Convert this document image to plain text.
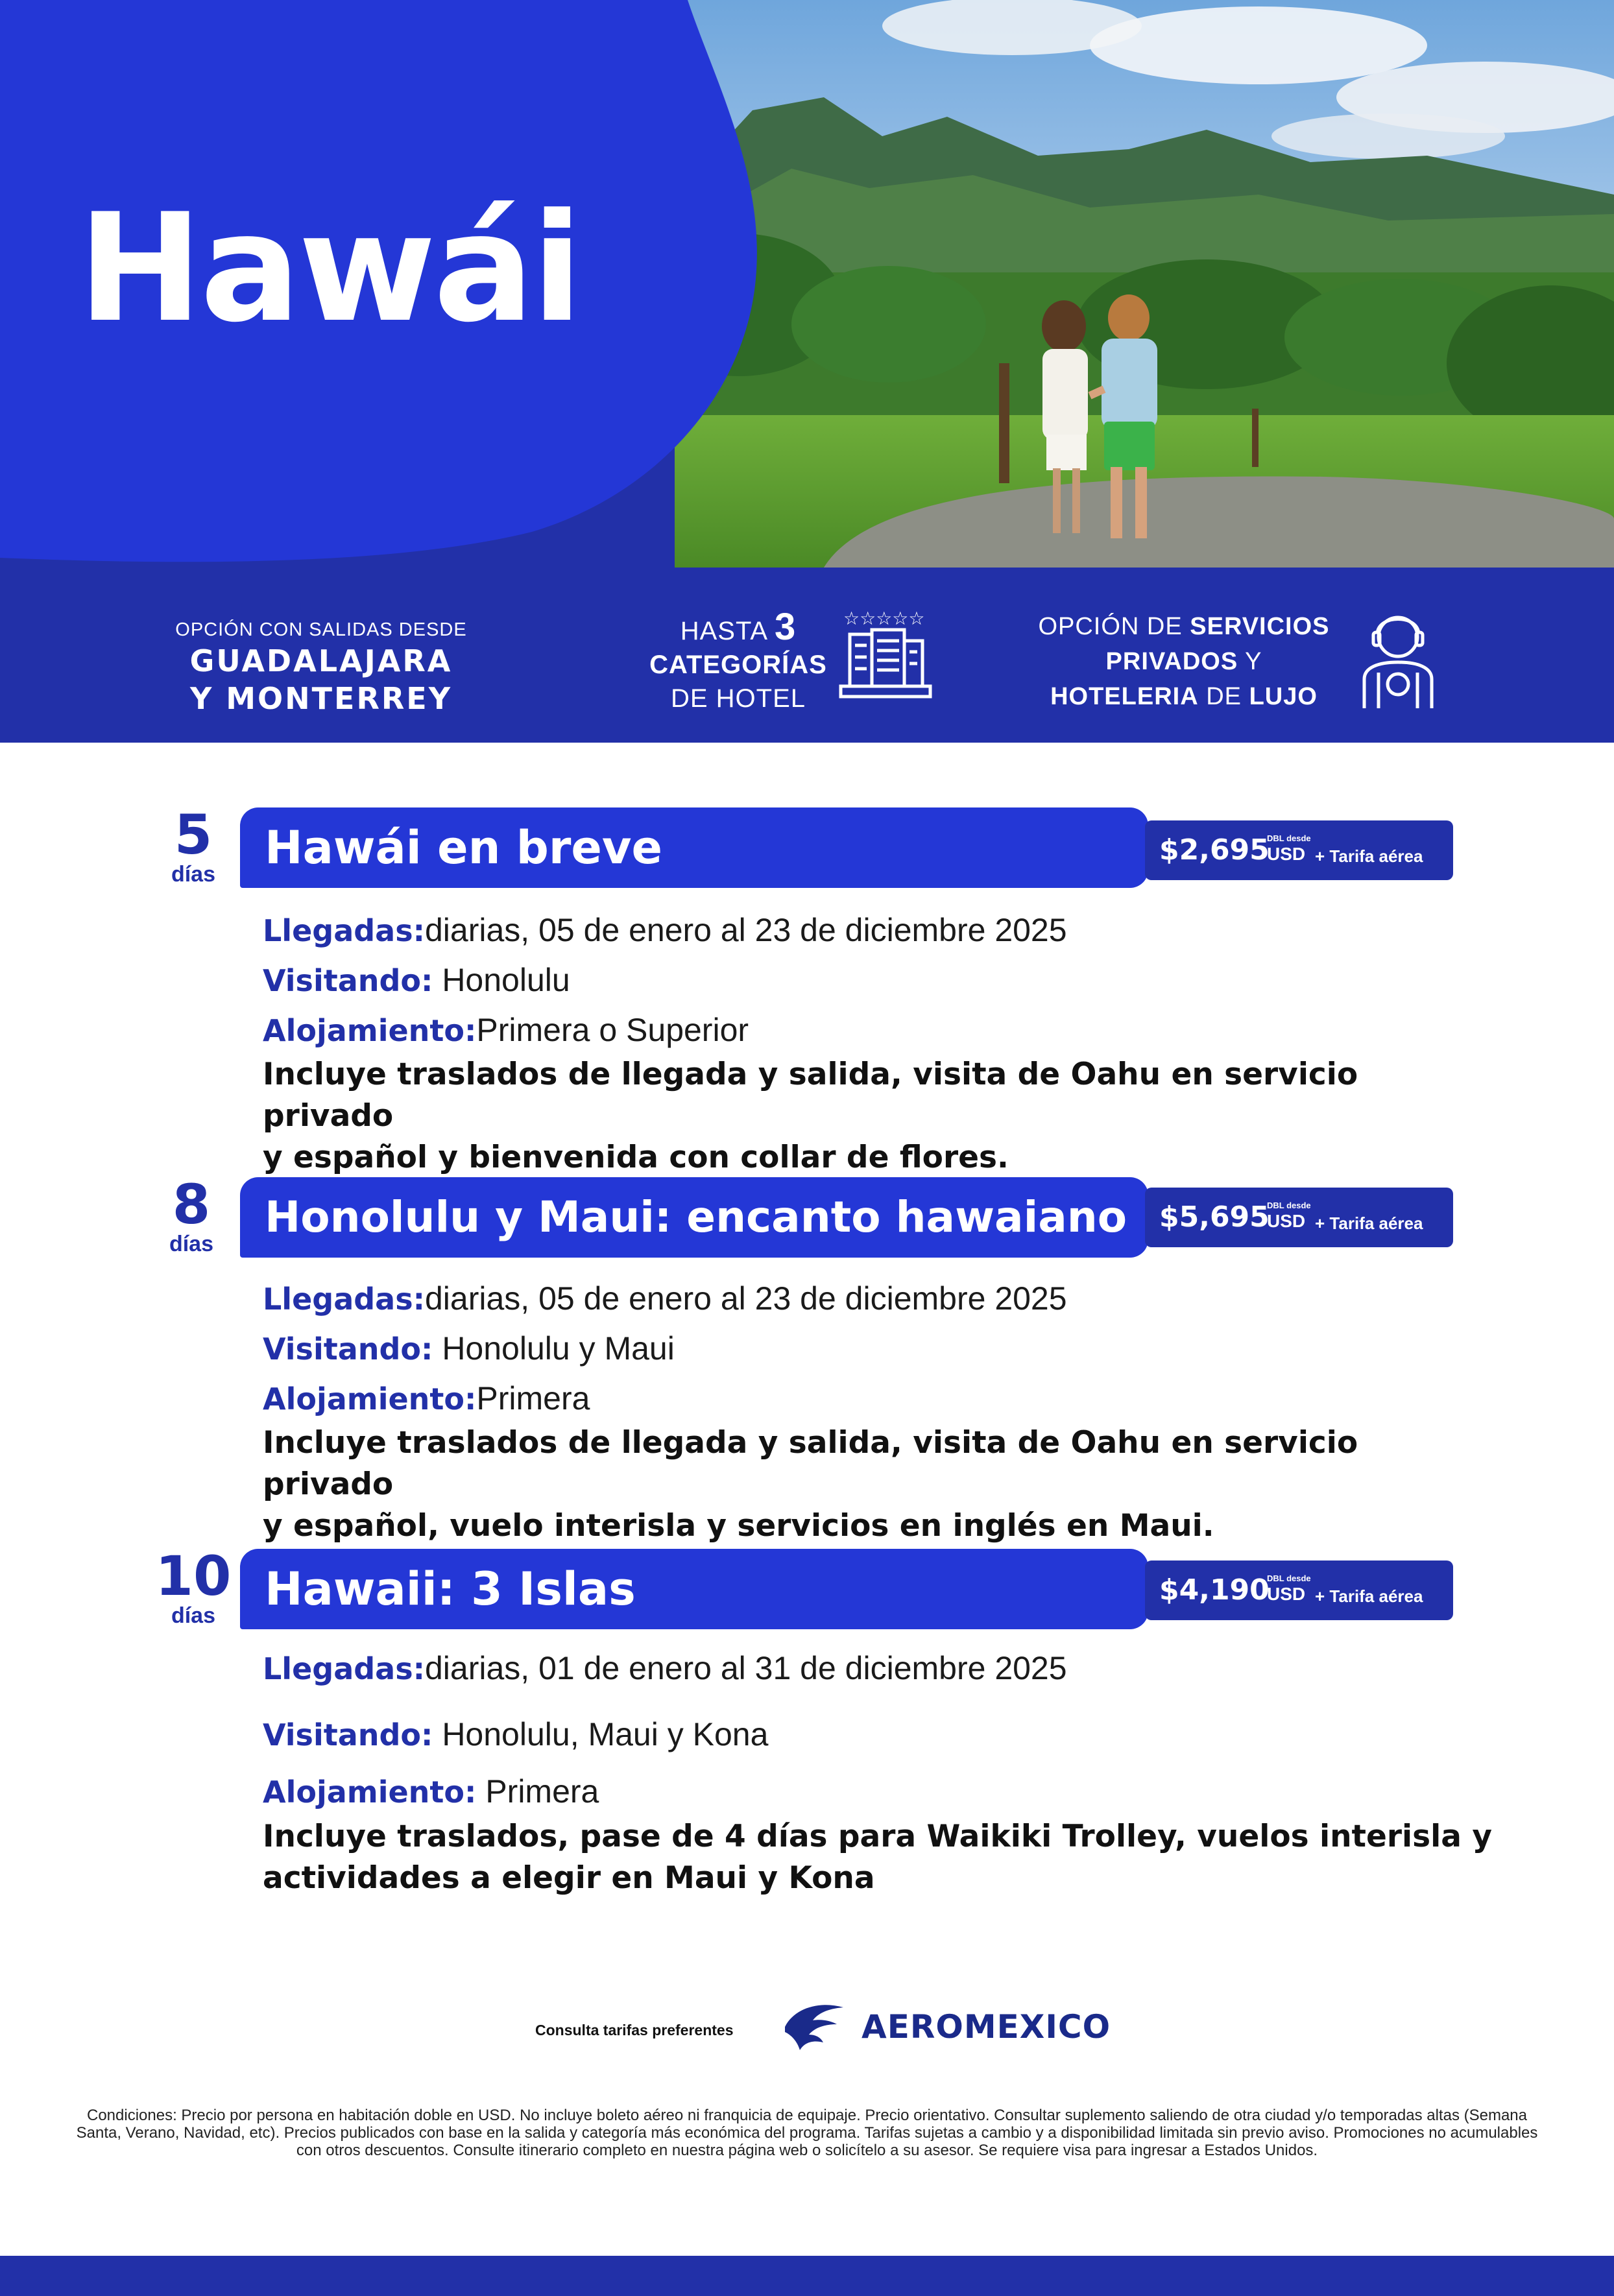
Hawái
OPCIÓN CON SALIDAS DESDE
GUADALAJARA
Y MONTERREY
HASTA 3
CATEGORÍAS
DE HOTEL
☆☆☆☆☆	OPCIÓN DE SERVICIOS
PRIVADOS Y
HOTELERIA DE LUJO
5
días	Hawái en breve	$2,695
DBL desde
USD + Tarifa aérea
Llegadas:diarias, 05 de enero al 23 de diciembre 2025
Visitando: Honolulu
Alojamiento:Primera o Superior
Incluye traslados de llegada y salida, visita de Oahu en servicio privado
y español y bienvenida con collar de flores.
8
días
Honolulu y Maui: encanto hawaiano	$5,695
DBL desde
USD + Tarifa aérea
Llegadas:diarias, 05 de enero al 23 de diciembre 2025
Visitando: Honolulu y Maui
Alojamiento:Primera
Incluye traslados de llegada y salida, visita de Oahu en servicio privado
y español, vuelo interisla y servicios en inglés en Maui.
10
días	Hawaii: 3 Islas	$4,190
DBL desde
USD + Tarifa aérea
Llegadas:diarias, 01 de enero al 31 de diciembre 2025
Visitando: Honolulu, Maui y Kona
Alojamiento: Primera
Incluye traslados, pase de 4 días para Waikiki Trolley, vuelos interisla y
actividades a elegir en Maui y Kona
Consulta tarifas preferentes	AEROMEXICO
Condiciones: Precio por persona en habitación doble en USD. No incluye boleto aéreo ni franquicia de equipaje. Precio orientativo. Consultar suplemento saliendo de otra ciudad y/o temporadas altas (Semana Santa, Verano, Navidad, etc). Precios publicados con base en la salida y categoría más económica del programa. Tarifas sujetas a cambio y a disponibilidad limitada sin previo aviso. Promociones no acumulables con otros descuentos. Consulte itinerario completo en nuestra página web o solicítelo a su asesor. Se requiere visa para ingresar a Estados Unidos.
